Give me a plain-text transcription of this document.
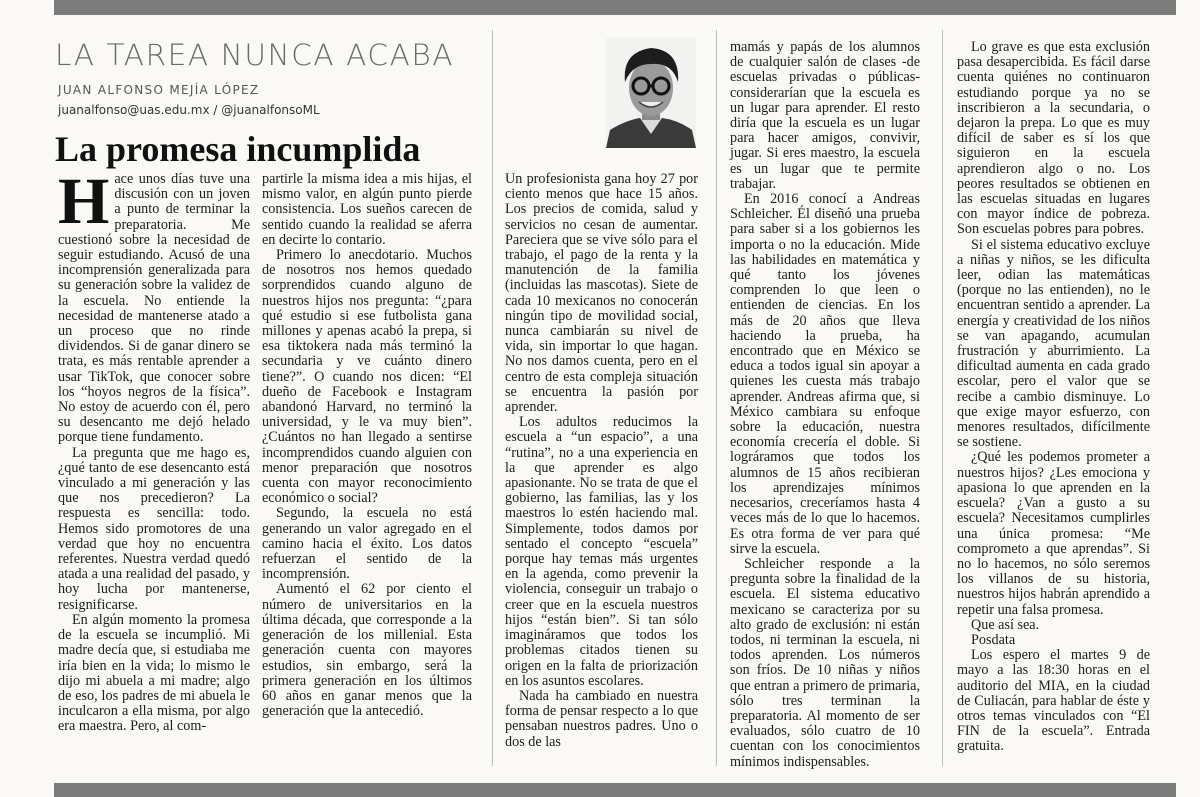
LA TAREA NUNCA ACABA
JUAN ALFONSO MEJÍA LÓPEZ
juanalfonso@uas.edu.mx / @juanalfonsoML
La promesa incumplida

Hace unos días tuve una discusión con un joven a punto de terminar la preparatoria. Me cuestionó sobre la necesidad de seguir estudiando. Acusó de una incomprensión generalizada para su generación sobre la validez de la escuela. No entiende la necesidad de mantenerse atado a un proceso que no rinde dividendos. Si de ganar dinero se trata, es más rentable aprender a usar TikTok, que conocer sobre los “hoyos negros de la física”. No estoy de acuerdo con él, pero su desencanto me dejó helado porque tiene fundamento.

La pregunta que me hago es, ¿qué tanto de ese desencanto está vinculado a mi generación y las que nos precedieron? La respuesta es sencilla: todo. Hemos sido promotores de una verdad que hoy no encuentra referentes. Nuestra verdad quedó atada a una realidad del pasado, y hoy lucha por mantenerse, resignificarse.

En algún momento la promesa de la escuela se incumplió. Mi madre decía que, si estudiaba me iría bien en la vida; lo mismo le dijo mi abuela a mi madre; algo de eso, los padres de mi abuela le inculcaron a ella misma, por algo era maestra. Pero, al com-

partirle la misma idea a mis hijas, el mismo valor, en algún punto pierde consistencia. Los sueños carecen de sentido cuando la realidad se aferra en decirte lo contario.

Primero lo anecdotario. Muchos de nosotros nos hemos quedado sorprendidos cuando alguno de nuestros hijos nos pregunta: “¿para qué estudio si ese futbolista gana millones y apenas acabó la prepa, si esa tiktokera nada más terminó la secundaria y ve cuánto dinero tiene?”. O cuando nos dicen: “El dueño de Facebook e Instagram abandonó Harvard, no terminó la universidad, y le va muy bien”. ¿Cuántos no han llegado a sentirse incomprendidos cuando alguien con menor preparación que nosotros cuenta con mayor reconocimiento económico o social?

Segundo, la escuela no está generando un valor agregado en el camino hacia el éxito. Los datos refuerzan el sentido de la incomprensión.

Aumentó el 62 por ciento el número de universitarios en la última década, que corresponde a la generación de los millenial. Esta generación cuenta con mayores estudios, sin embargo, será la primera generación en los últimos 60 años en ganar menos que la generación que la antecedió.

Un profesionista gana hoy 27 por ciento menos que hace 15 años. Los precios de comida, salud y servicios no cesan de aumentar. Pareciera que se vive sólo para el trabajo, el pago de la renta y la manutención de la familia (incluidas las mascotas). Siete de cada 10 mexicanos no conocerán ningún tipo de movilidad social, nunca cambiarán su nivel de vida, sin importar lo que hagan. No nos damos cuenta, pero en el centro de esta compleja situación se encuentra la pasión por aprender.

Los adultos reducimos la escuela a “un espacio”, a una “rutina”, no a una experiencia en la que aprender es algo apasionante. No se trata de que el gobierno, las familias, las y los maestros lo estén haciendo mal. Simplemente, todos damos por sentado el concepto “escuela” porque hay temas más urgentes en la agenda, como prevenir la violencia, conseguir un trabajo o creer que en la escuela nuestros hijos “están bien”. Si tan sólo imagináramos que todos los problemas citados tienen su origen en la falta de priorización en los asuntos escolares.

Nada ha cambiado en nuestra forma de pensar respecto a lo que pensaban nuestros padres. Uno o dos de las

mamás y papás de los alumnos de cualquier salón de clases -de escuelas privadas o públicas- considerarían que la escuela es un lugar para aprender. El resto diría que la escuela es un lugar para hacer amigos, convivir, jugar. Si eres maestro, la escuela es un lugar que te permite trabajar.

En 2016 conocí a Andreas Schleicher. Él diseñó una prueba para saber si a los gobiernos les importa o no la educación. Mide las habilidades en matemática y qué tanto los jóvenes comprenden lo que leen o entienden de ciencias. En los más de 20 años que lleva haciendo la prueba, ha encontrado que en México se educa a todos igual sin apoyar a quienes les cuesta más trabajo aprender. Andreas afirma que, si México cambiara su enfoque sobre la educación, nuestra economía crecería el doble. Si lográramos que todos los alumnos de 15 años recibieran los aprendizajes mínimos necesarios, creceríamos hasta 4 veces más de lo que lo hacemos. Es otra forma de ver para qué sirve la escuela.

Schleicher responde a la pregunta sobre la finalidad de la escuela. El sistema educativo mexicano se caracteriza por su alto grado de exclusión: ni están todos, ni terminan la escuela, ni todos aprenden. Los números son fríos. De 10 niñas y niños que entran a primero de primaria, sólo tres terminan la preparatoria. Al momento de ser evaluados, sólo cuatro de 10 cuentan con los conocimientos mínimos indispensables.

Lo grave es que esta exclusión pasa desapercibida. Es fácil darse cuenta quiénes no continuaron estudiando porque ya no se inscribieron a la secundaria, o dejaron la prepa. Lo que es muy difícil de saber es sí los que siguieron en la escuela aprendieron algo o no. Los peores resultados se obtienen en las escuelas situadas en lugares con mayor índice de pobreza. Son escuelas pobres para pobres.

Si el sistema educativo excluye a niñas y niños, se les dificulta leer, odian las matemáticas (porque no las entienden), no le encuentran sentido a aprender. La energía y creatividad de los niños se van apagando, acumulan frustración y aburrimiento. La dificultad aumenta en cada grado escolar, pero el valor que se recibe a cambio disminuye. Lo que exige mayor esfuerzo, con menores resultados, difícilmente se sostiene.

¿Qué les podemos prometer a nuestros hijos? ¿Les emociona y apasiona lo que aprenden en la escuela? ¿Van a gusto a su escuela? Necesitamos cumplirles una única promesa: “Me comprometo a que aprendas”. Si no lo hacemos, no sólo seremos los villanos de su historia, nuestros hijos habrán aprendido a repetir una falsa promesa.

Que así sea.

Posdata

Los espero el martes 9 de mayo a las 18:30 horas en el auditorio del MIA, en la ciudad de Culiacán, para hablar de éste y otros temas vinculados con “El FIN de la escuela”. Entrada gratuita.
